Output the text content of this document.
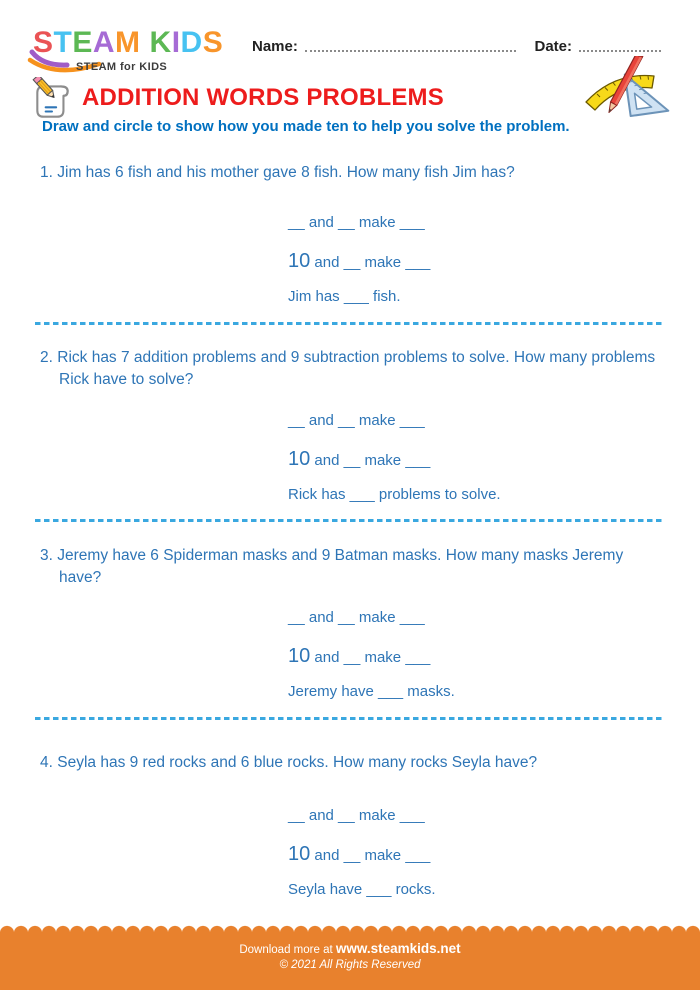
STEAM KIDS
STEAM for KIDS
Name:	Date:
ADDITION WORDS PROBLEMS
Draw and circle to show how you made ten to help you solve the problem.
1. Jim has 6 fish and his mother gave 8 fish. How many fish Jim has?
__ and __ make ___
10 and __ make ___
Jim has ___ fish.
2. Rick has 7 addition problems and 9 subtraction problems to solve. How many problems Rick have to solve?
__ and __ make ___
10 and __ make ___
Rick has ___ problems to solve.
3. Jeremy have 6 Spiderman masks and 9 Batman masks. How many masks Jeremy have?
__ and __ make ___
10 and __ make ___
Jeremy have ___ masks.
4. Seyla has 9 red rocks and 6 blue rocks. How many rocks Seyla have?
__ and __ make ___
10 and __ make ___
Seyla have ___ rocks.
Download more at www.steamkids.net
© 2021 All Rights Reserved
